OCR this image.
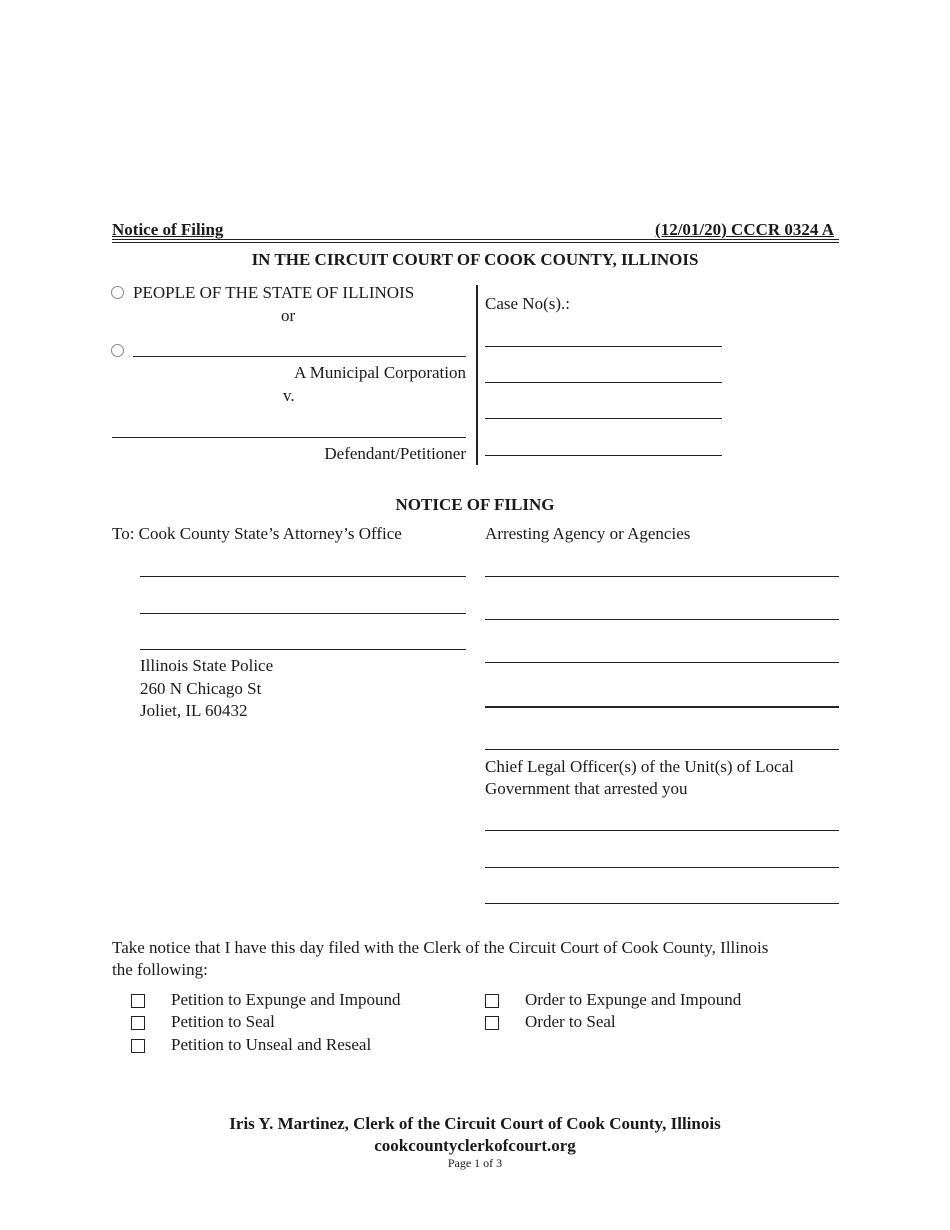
Notice of Filing	(12/01/20) CCCR 0324 A
IN THE CIRCUIT COURT OF COOK COUNTY, ILLINOIS
PEOPLE OF THE STATE OF ILLINOIS
or
A Municipal Corporation
v.
Defendant/Petitioner
Case No(s).:
NOTICE OF FILING
To: Cook County State’s Attorney’s Office	Arresting Agency or Agencies
Illinois State Police
260 N Chicago St
Joliet, IL 60432
Chief Legal Officer(s) of the Unit(s) of Local
Government that arrested you
Take notice that I have this day filed with the Clerk of the Circuit Court of Cook County, Illinois
the following:
Petition to Expunge and Impound
Petition to Seal
Petition to Unseal and Reseal
Order to Expunge and Impound
Order to Seal
Iris Y. Martinez, Clerk of the Circuit Court of Cook County, Illinois
cookcountyclerkofcourt.org
Page 1 of 3
